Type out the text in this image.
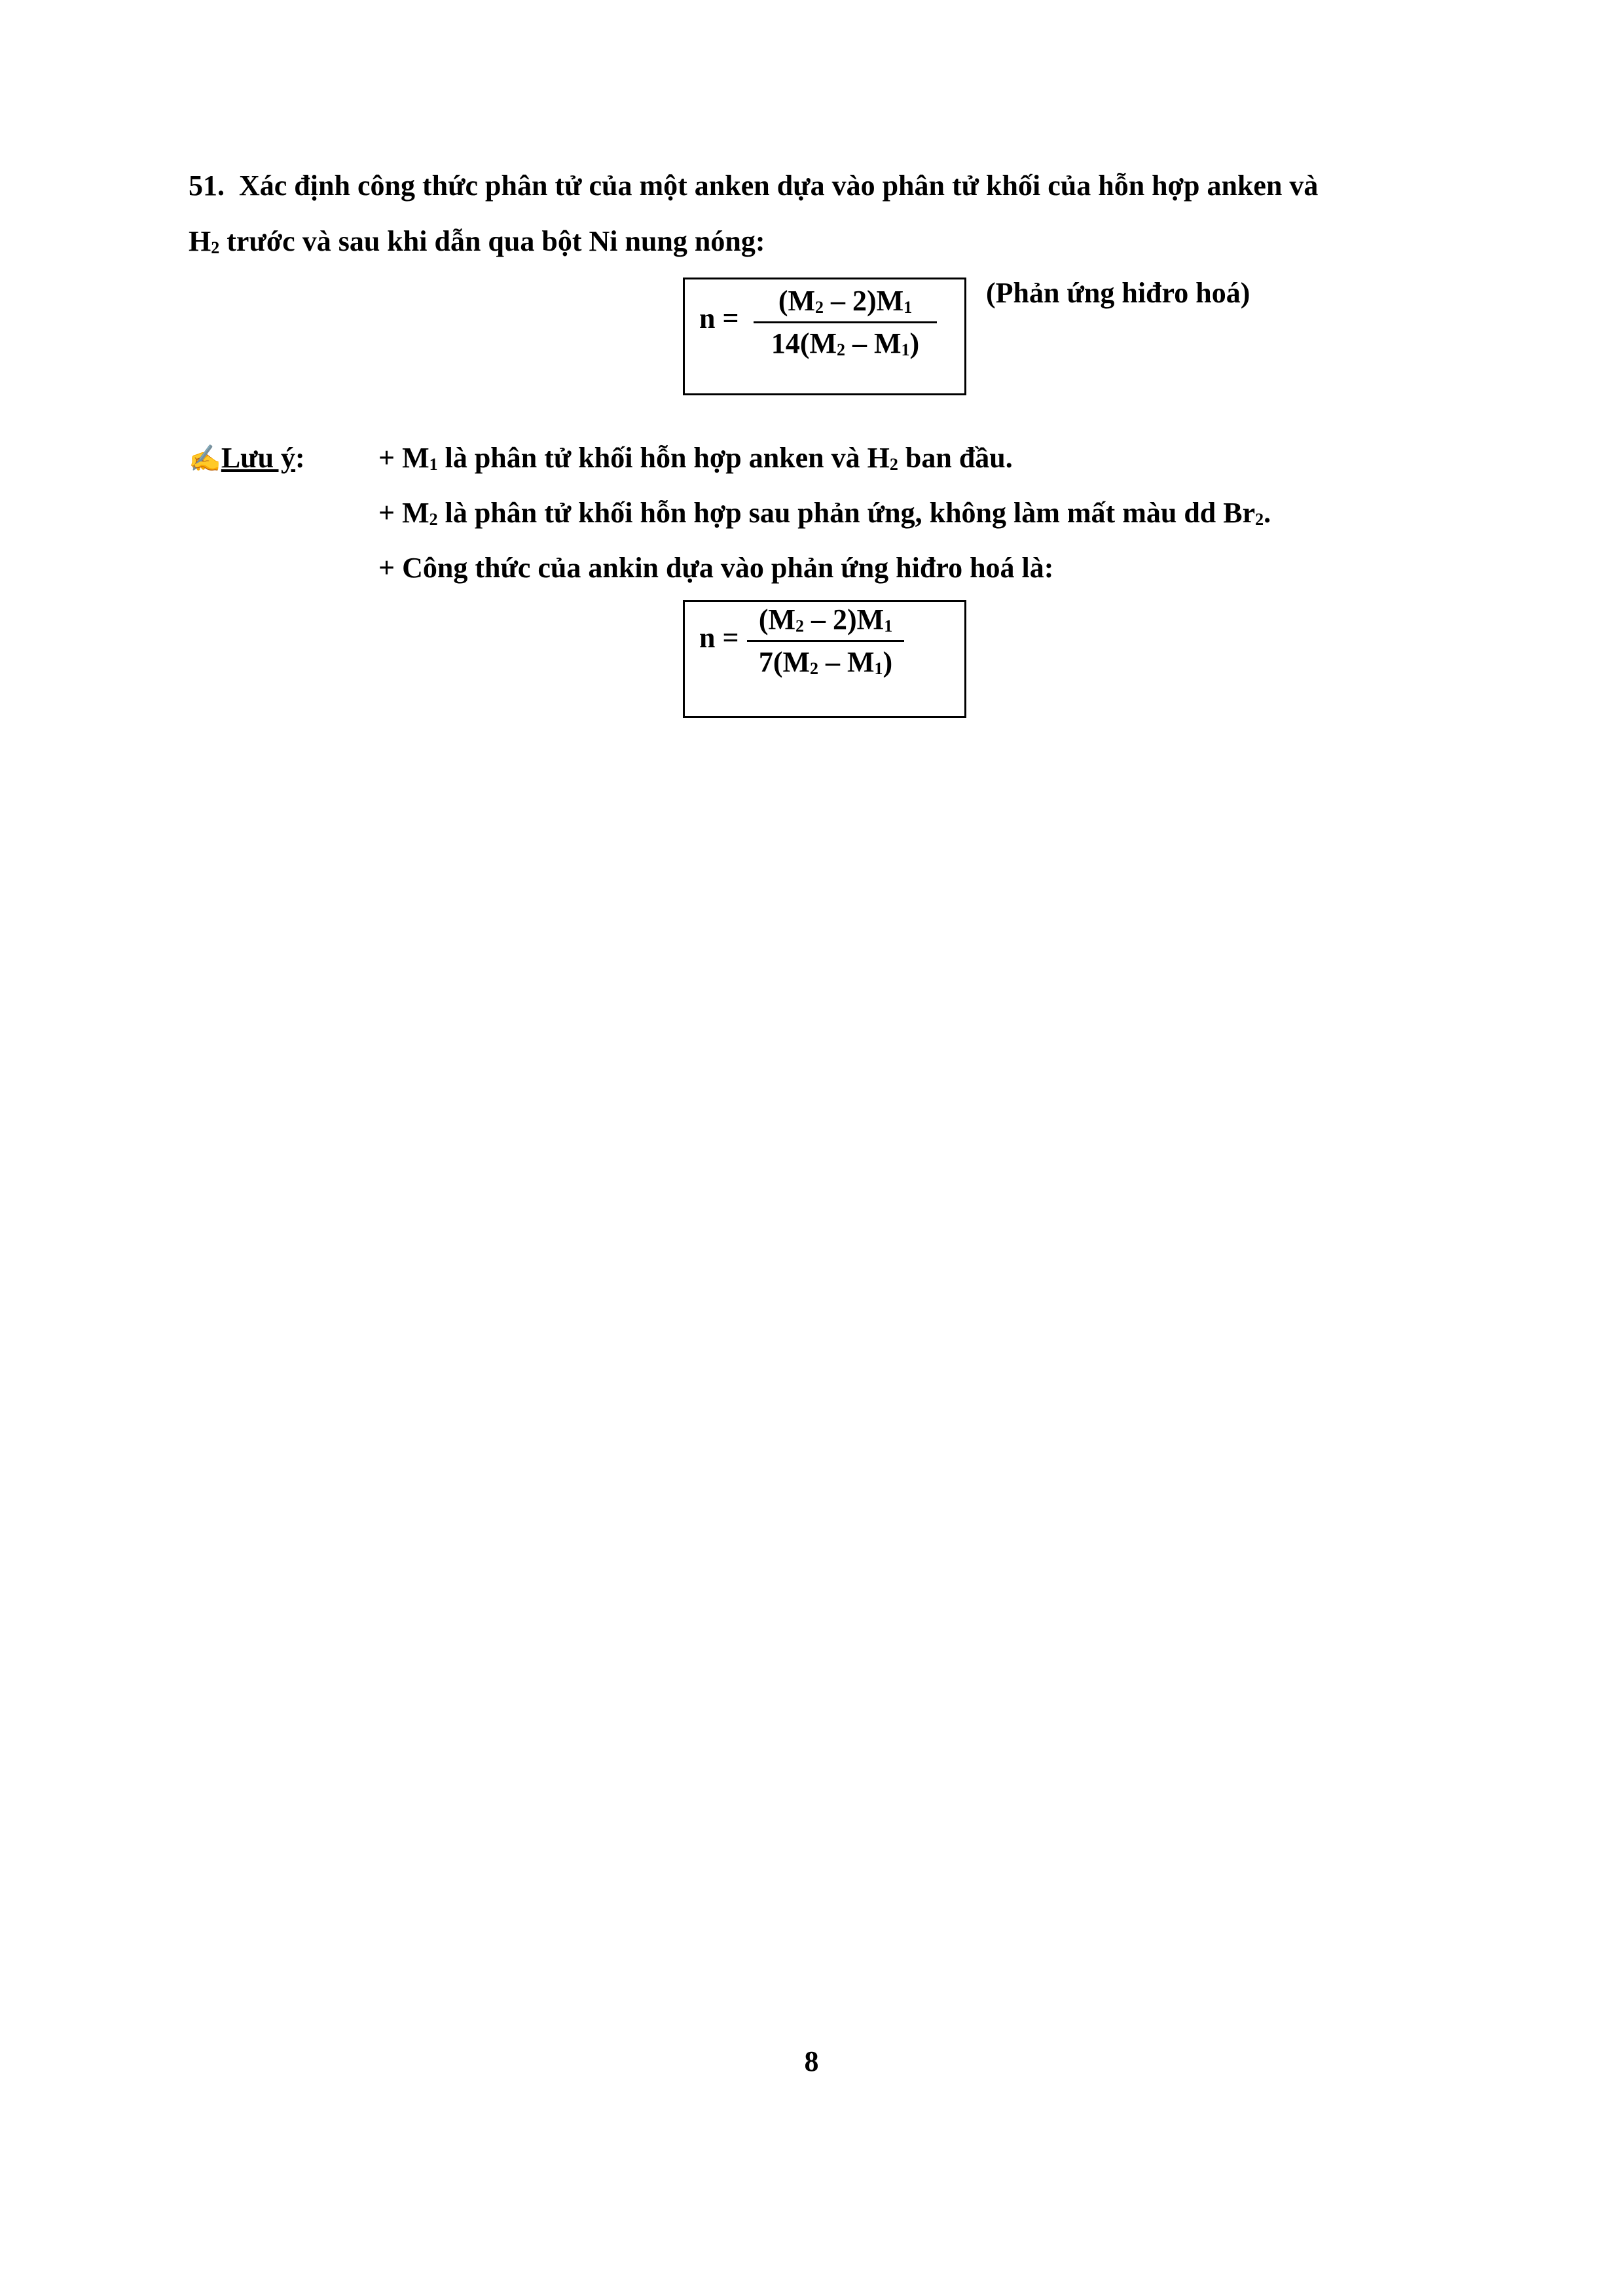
51. Xác định công thức phân tử của một anken dựa vào phân tử khối của hỗn hợp anken và
$H_2$ trước và sau khi dẫn qua bột Ni nung nóng:
n =
$(M_2 - 2)M_1$
$14(M_2 - M_1)$
(Phản ứng hiđro hoá)
✍Lưu ý:	+ $M_1$ là phân tử khối hỗn hợp anken và $H_2$ ban đầu.
+ $M_2$ là phân tử khối hỗn hợp sau phản ứng, không làm mất màu dd $Br_2$.
+ Công thức của ankin dựa vào phản ứng hiđro hoá là:
n =
$(M_2 - 2)M_1$
$7(M_2 - M_1)$
8
